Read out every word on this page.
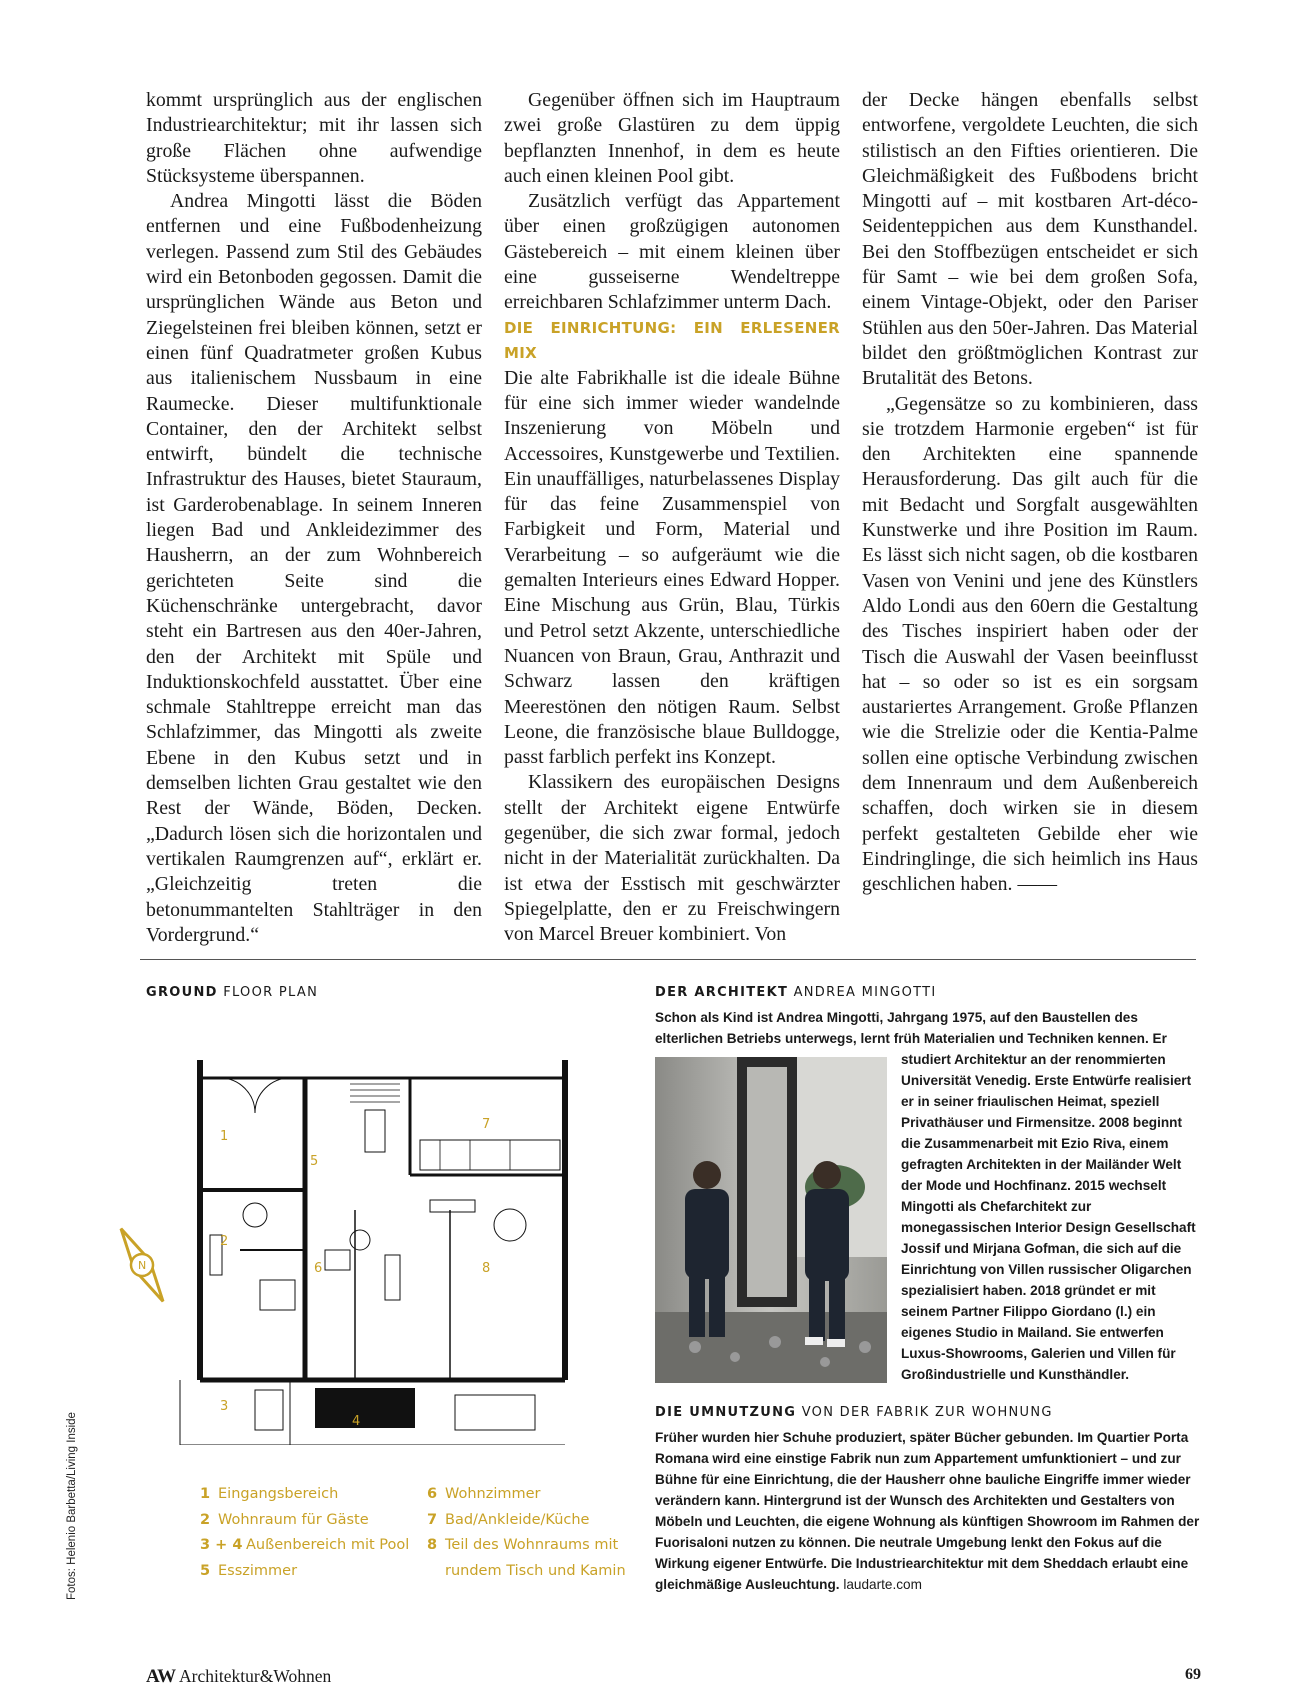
kommt ursprünglich aus der englischen Industriearchitektur; mit ihr lassen sich große Flächen ohne aufwendige Stücksysteme überspannen.

Andrea Mingotti lässt die Böden entfernen und eine Fußbodenheizung verlegen. Passend zum Stil des Gebäudes wird ein Betonboden gegossen. Damit die ursprünglichen Wände aus Beton und Ziegelsteinen frei bleiben können, setzt er einen fünf Quadratmeter großen Kubus aus italienischem Nussbaum in eine Raumecke. Dieser multifunktionale Container, den der Architekt selbst entwirft, bündelt die technische Infrastruktur des Hauses, bietet Stauraum, ist Garderobenablage. In seinem Inneren liegen Bad und Ankleidezimmer des Hausherrn, an der zum Wohnbereich gerichteten Seite sind die Küchenschränke untergebracht, davor steht ein Bartresen aus den 40er-Jahren, den der Architekt mit Spüle und Induktionskochfeld ausstattet. Über eine schmale Stahltreppe erreicht man das Schlafzimmer, das Mingotti als zweite Ebene in den Kubus setzt und in demselben lichten Grau gestaltet wie den Rest der Wände, Böden, Decken. „Dadurch lösen sich die horizontalen und vertikalen Raumgrenzen auf“, erklärt er. „Gleichzeitig treten die betonummantelten Stahlträger in den Vordergrund.“

Gegenüber öffnen sich im Hauptraum zwei große Glastüren zu dem üppig bepflanzten Innenhof, in dem es heute auch einen kleinen Pool gibt.

Zusätzlich verfügt das Appartement über einen großzügigen autonomen Gästebereich – mit einem kleinen über eine gusseiserne Wendeltreppe erreichbaren Schlafzimmer unterm Dach.

DIE EINRICHTUNG: EIN ERLESENER MIX

Die alte Fabrikhalle ist die ideale Bühne für eine sich immer wieder wandelnde Inszenierung von Möbeln und Accessoires, Kunstgewerbe und Textilien. Ein unauffälliges, naturbelassenes Display für das feine Zusammenspiel von Farbigkeit und Form, Material und Verarbeitung – so aufgeräumt wie die gemalten Interieurs eines Edward Hopper. Eine Mischung aus Grün, Blau, Türkis und Petrol setzt Akzente, unterschiedliche Nuancen von Braun, Grau, Anthrazit und Schwarz lassen den kräftigen Meerestönen den nötigen Raum. Selbst Leone, die französische blaue Bulldogge, passt farblich perfekt ins Konzept.

Klassikern des europäischen Designs stellt der Architekt eigene Entwürfe gegenüber, die sich zwar formal, jedoch nicht in der Materialität zurückhalten. Da ist etwa der Esstisch mit geschwärzter Spiegelplatte, den er zu Freischwingern von Marcel Breuer kombiniert. Von

der Decke hängen ebenfalls selbst entworfene, vergoldete Leuchten, die sich stilistisch an den Fifties orientieren. Die Gleichmäßigkeit des Fußbodens bricht Mingotti auf – mit kostbaren Art-déco-Seidenteppichen aus dem Kunsthandel. Bei den Stoffbezügen entscheidet er sich für Samt – wie bei dem großen Sofa, einem Vintage-Objekt, oder den Pariser Stühlen aus den 50er-Jahren. Das Material bildet den größtmöglichen Kontrast zur Brutalität des Betons.

„Gegensätze so zu kombinieren, dass sie trotzdem Harmonie ergeben“ ist für den Architekten eine spannende Herausforderung. Das gilt auch für die mit Bedacht und Sorgfalt ausgewählten Kunstwerke und ihre Position im Raum. Es lässt sich nicht sagen, ob die kostbaren Vasen von Venini und jene des Künstlers Aldo Londi aus den 60ern die Gestaltung des Tisches inspiriert haben oder der Tisch die Auswahl der Vasen beeinflusst hat – so oder so ist es ein sorgsam austariertes Arrangement. Große Pflanzen wie die Strelizie oder die Kentia-Palme sollen eine optische Verbindung zwischen dem Innenraum und dem Außenbereich schaffen, doch wirken sie in diesem perfekt gestalteten Gebilde eher wie Eindringlinge, die sich heimlich ins Haus geschlichen haben. ——

GROUND FLOOR PLAN
N
1
2
3
4
5
6
7
8
1 Eingangsbereich
2 Wohnraum für Gäste
3 + 4 Außenbereich mit Pool
5 Esszimmer
6 Wohnzimmer
7 Bad/Ankleide/Küche
8 Teil des Wohnraums mit
rundem Tisch und Kamin
DER ARCHITEKT ANDREA MINGOTTI
Schon als Kind ist Andrea Mingotti, Jahrgang 1975, auf den Baustellen des elterlichen Betriebs unterwegs, lernt früh Materialien und Techniken kennen. Er
studiert Architektur an der renommierten Universität Venedig. Erste Entwürfe realisiert er in seiner friaulischen Heimat, speziell Privathäuser und Firmensitze. 2008 beginnt die Zusammenarbeit mit Ezio Riva, einem gefragten Architekten in der Mailänder Welt der Mode und Hochfinanz. 2015 wechselt Mingotti als Chefarchitekt zur monegassischen Interior Design Gesellschaft Jossif und Mirjana Gofman, die sich auf die Einrichtung von Villen russischer Oligarchen spezialisiert haben. 2018 gründet er mit seinem Partner Filippo Giordano (l.) ein eigenes Studio in Mailand. Sie entwerfen Luxus-Showrooms, Galerien und Villen für Großindustrielle und Kunsthändler.
DIE UMNUTZUNG VON DER FABRIK ZUR WOHNUNG
Früher wurden hier Schuhe produziert, später Bücher gebunden. Im Quartier Porta Romana wird eine einstige Fabrik nun zum Appartement umfunktioniert – und zur Bühne für eine Einrichtung, die der Hausherr ohne bauliche Eingriffe immer wieder verändern kann. Hintergrund ist der Wunsch des Architekten und Gestalters von Möbeln und Leuchten, die eigene Wohnung als künftigen Showroom im Rahmen der Fuorisaloni nutzen zu können. Die neutrale Umgebung lenkt den Fokus auf die Wirkung eigener Entwürfe. Die Industriearchitektur mit dem Sheddach erlaubt eine gleichmäßige Ausleuchtung. laudarte.com
Fotos: Helenio Barbetta/Living Inside
AW Architektur&Wohnen	69
